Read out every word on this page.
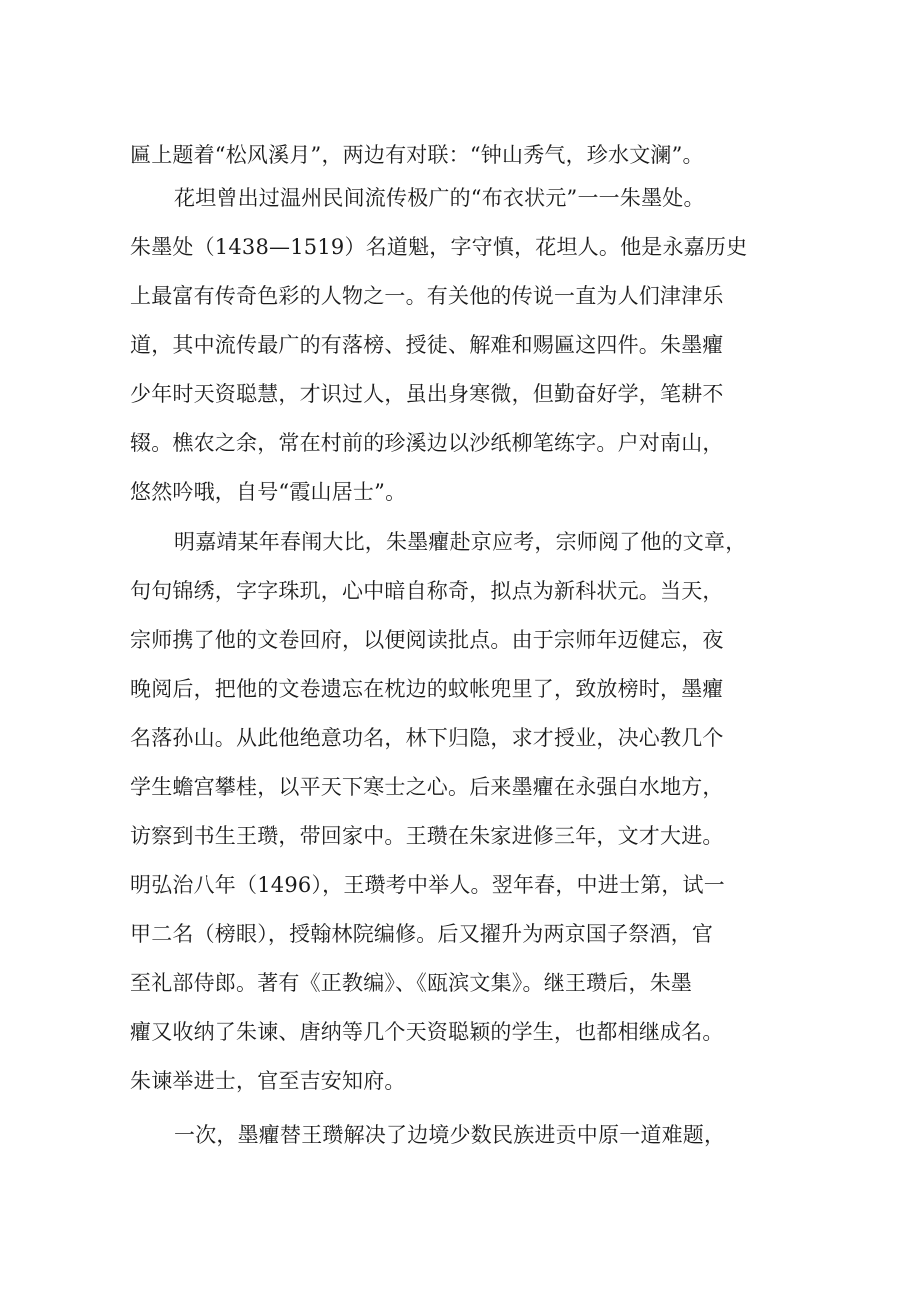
匾上题着“松风溪月”，两边有对联：“钟山秀气，珍水文澜”。
花坦曾出过温州民间流传极广的“布衣状元”一一朱墨处。
朱墨处（1438—1519）名道魁，字守慎，花坦人。他是永嘉历史
上最富有传奇色彩的人物之一。有关他的传说一直为人们津津乐
道，其中流传最广的有落榜、授徒、解难和赐匾这四件。朱墨癯
少年时天资聪慧，才识过人，虽出身寒微，但勤奋好学，笔耕不
辍。樵农之余，常在村前的珍溪边以沙纸柳笔练字。户对南山，
悠然吟哦，自号“霞山居士”。
明嘉靖某年春闱大比，朱墨癯赴京应考，宗师阅了他的文章，
句句锦绣，字字珠玑，心中暗自称奇，拟点为新科状元。当天，
宗师携了他的文卷回府，以便阅读批点。由于宗师年迈健忘，夜
晚阅后，把他的文卷遗忘在枕边的蚊帐兜里了，致放榜时，墨癯
名落孙山。从此他绝意功名，林下归隐，求才授业，决心教几个
学生蟾宫攀桂，以平天下寒士之心。后来墨癯在永强白水地方，
访察到书生王瓒，带回家中。王瓒在朱家进修三年，文才大进。
明弘治八年（1496），王瓒考中举人。翌年春，中进士第，试一
甲二名（榜眼），授翰林院编修。后又擢升为两京国子祭酒，官
至礼部侍郎。著有《正教编》、《瓯滨文集》。继王瓒后，朱墨
癯又收纳了朱谏、唐纳等几个天资聪颖的学生，也都相继成名。
朱谏举进士，官至吉安知府。
一次，墨癯替王瓒解决了边境少数民族进贡中原一道难题，
